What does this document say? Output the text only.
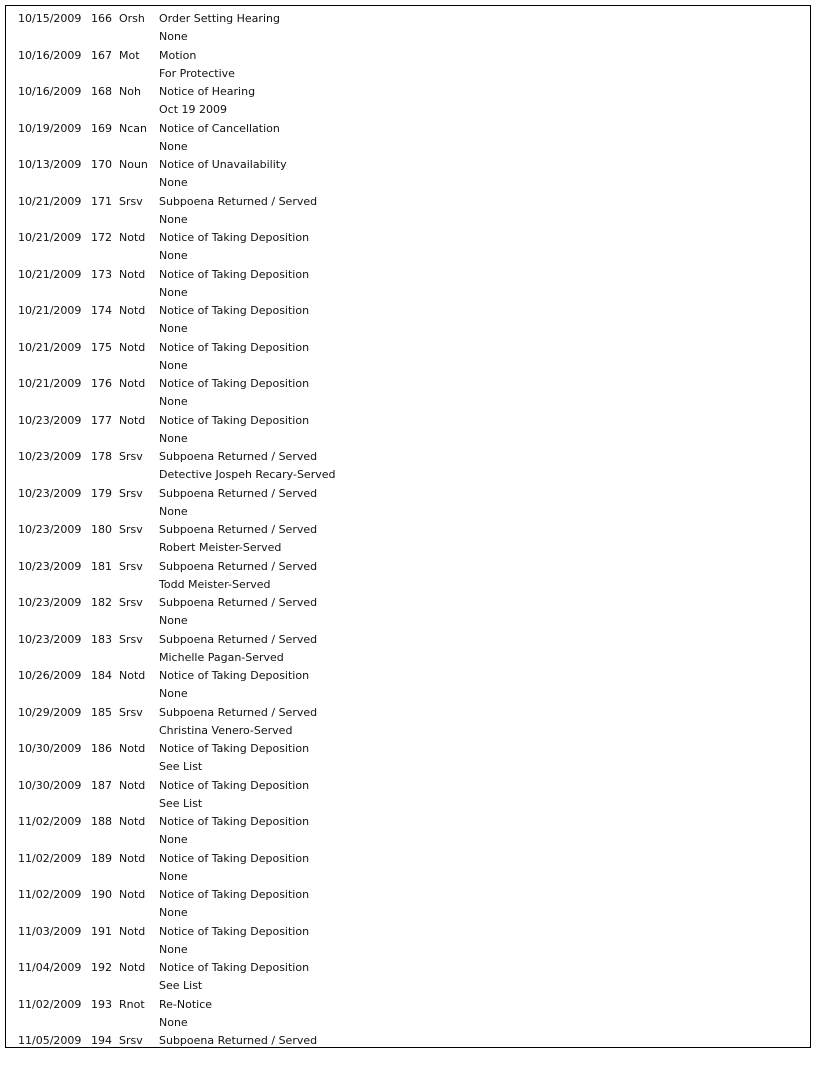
10/15/2009 166 Orsh Order Setting Hearing
None
10/16/2009 167 Mot Motion
For Protective
10/16/2009 168 Noh Notice of Hearing
Oct 19 2009
10/19/2009 169 Ncan Notice of Cancellation
None
10/13/2009 170 Noun Notice of Unavailability
None
10/21/2009 171 Srsv Subpoena Returned / Served
None
10/21/2009 172 Notd Notice of Taking Deposition
None
10/21/2009 173 Notd Notice of Taking Deposition
None
10/21/2009 174 Notd Notice of Taking Deposition
None
10/21/2009 175 Notd Notice of Taking Deposition
None
10/21/2009 176 Notd Notice of Taking Deposition
None
10/23/2009 177 Notd Notice of Taking Deposition
None
10/23/2009 178 Srsv Subpoena Returned / Served
Detective Jospeh Recary-Served
10/23/2009 179 Srsv Subpoena Returned / Served
None
10/23/2009 180 Srsv Subpoena Returned / Served
Robert Meister-Served
10/23/2009 181 Srsv Subpoena Returned / Served
Todd Meister-Served
10/23/2009 182 Srsv Subpoena Returned / Served
None
10/23/2009 183 Srsv Subpoena Returned / Served
Michelle Pagan-Served
10/26/2009 184 Notd Notice of Taking Deposition
None
10/29/2009 185 Srsv Subpoena Returned / Served
Christina Venero-Served
10/30/2009 186 Notd Notice of Taking Deposition
See List
10/30/2009 187 Notd Notice of Taking Deposition
See List
11/02/2009 188 Notd Notice of Taking Deposition
None
11/02/2009 189 Notd Notice of Taking Deposition
None
11/02/2009 190 Notd Notice of Taking Deposition
None
11/03/2009 191 Notd Notice of Taking Deposition
None
11/04/2009 192 Notd Notice of Taking Deposition
See List
11/02/2009 193 Rnot Re-Notice
None
11/05/2009 194 Srsv Subpoena Returned / Served
